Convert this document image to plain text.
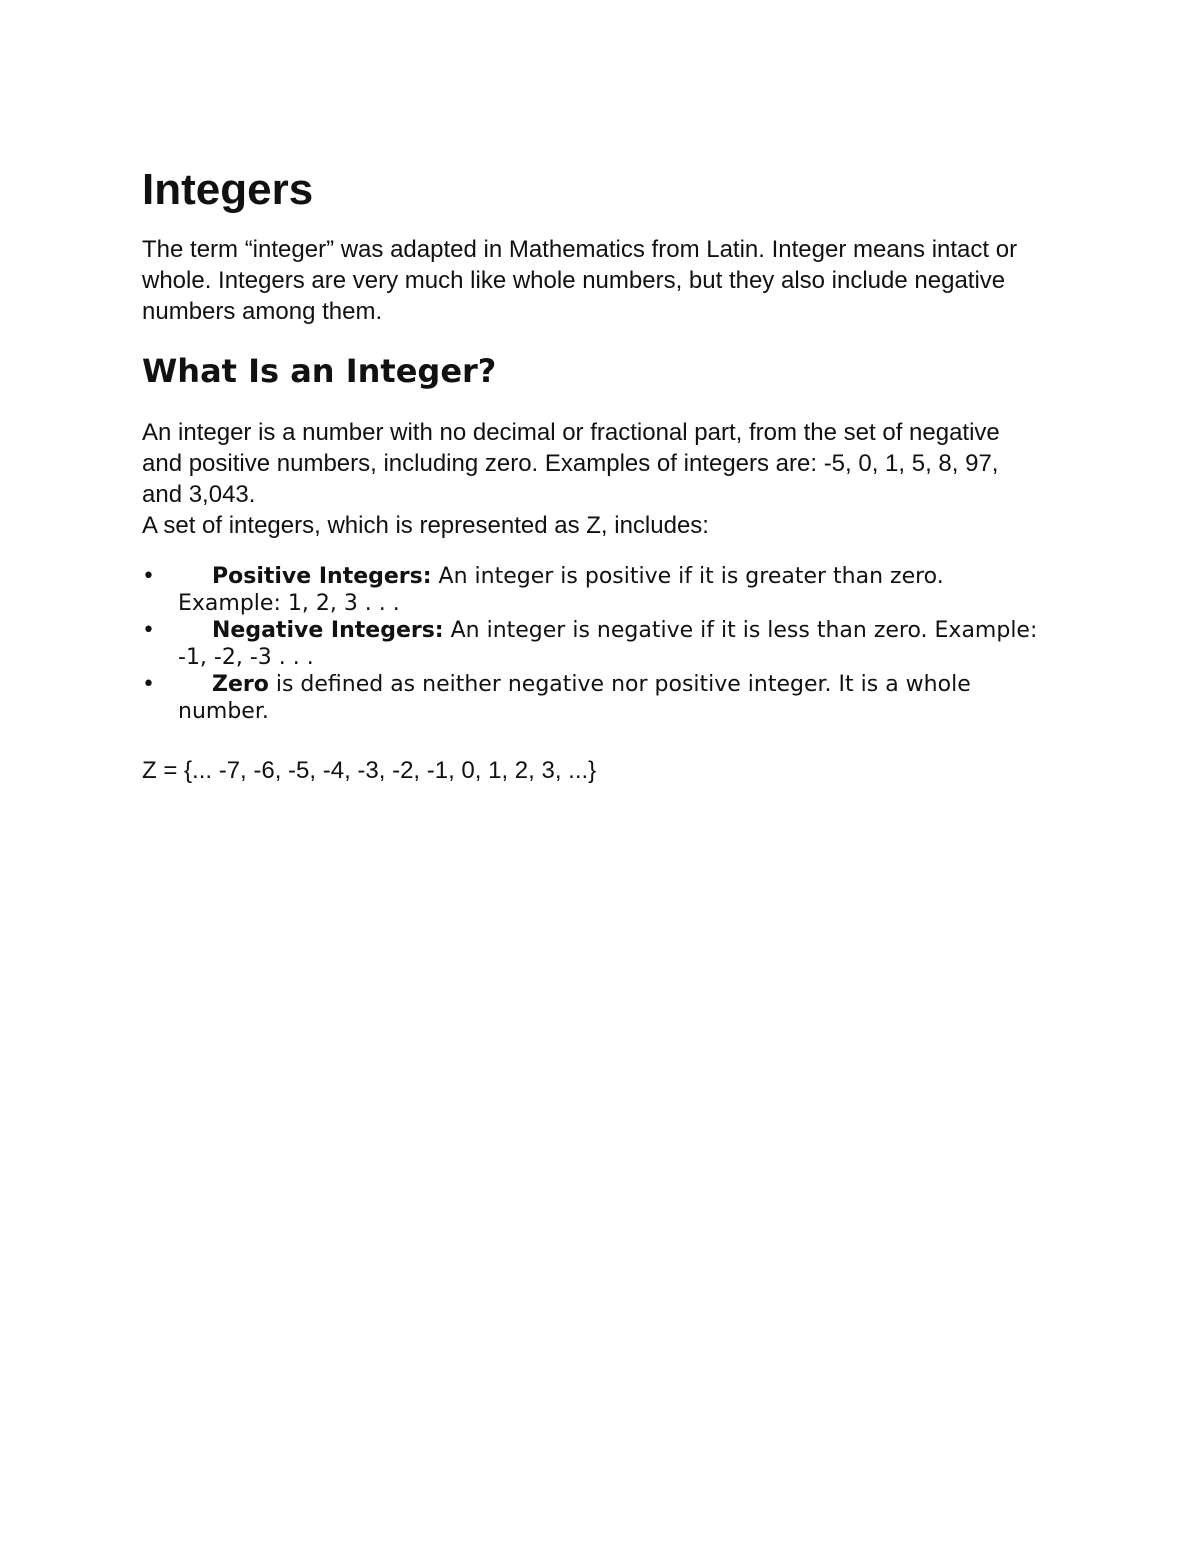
Integers

The term “integer” was adapted in Mathematics from Latin. Integer means intact or whole. Integers are very much like whole numbers, but they also include negative numbers among them.

What Is an Integer?

An integer is a number with no decimal or fractional part, from the set of negative and positive numbers, including zero. Examples of integers are: -5, 0, 1, 5, 8, 97, and 3,043.

A set of integers, which is represented as Z, includes:

•	Positive Integers: An integer is positive if it is greater than zero. Example: 1, 2, 3 . . .
•	Negative Integers: An integer is negative if it is less than zero. Example: -1, -2, -3 . . .
•	Zero is defined as neither negative nor positive integer. It is a whole number.

Z = {... -7, -6, -5, -4, -3, -2, -1, 0, 1, 2, 3, ...}
